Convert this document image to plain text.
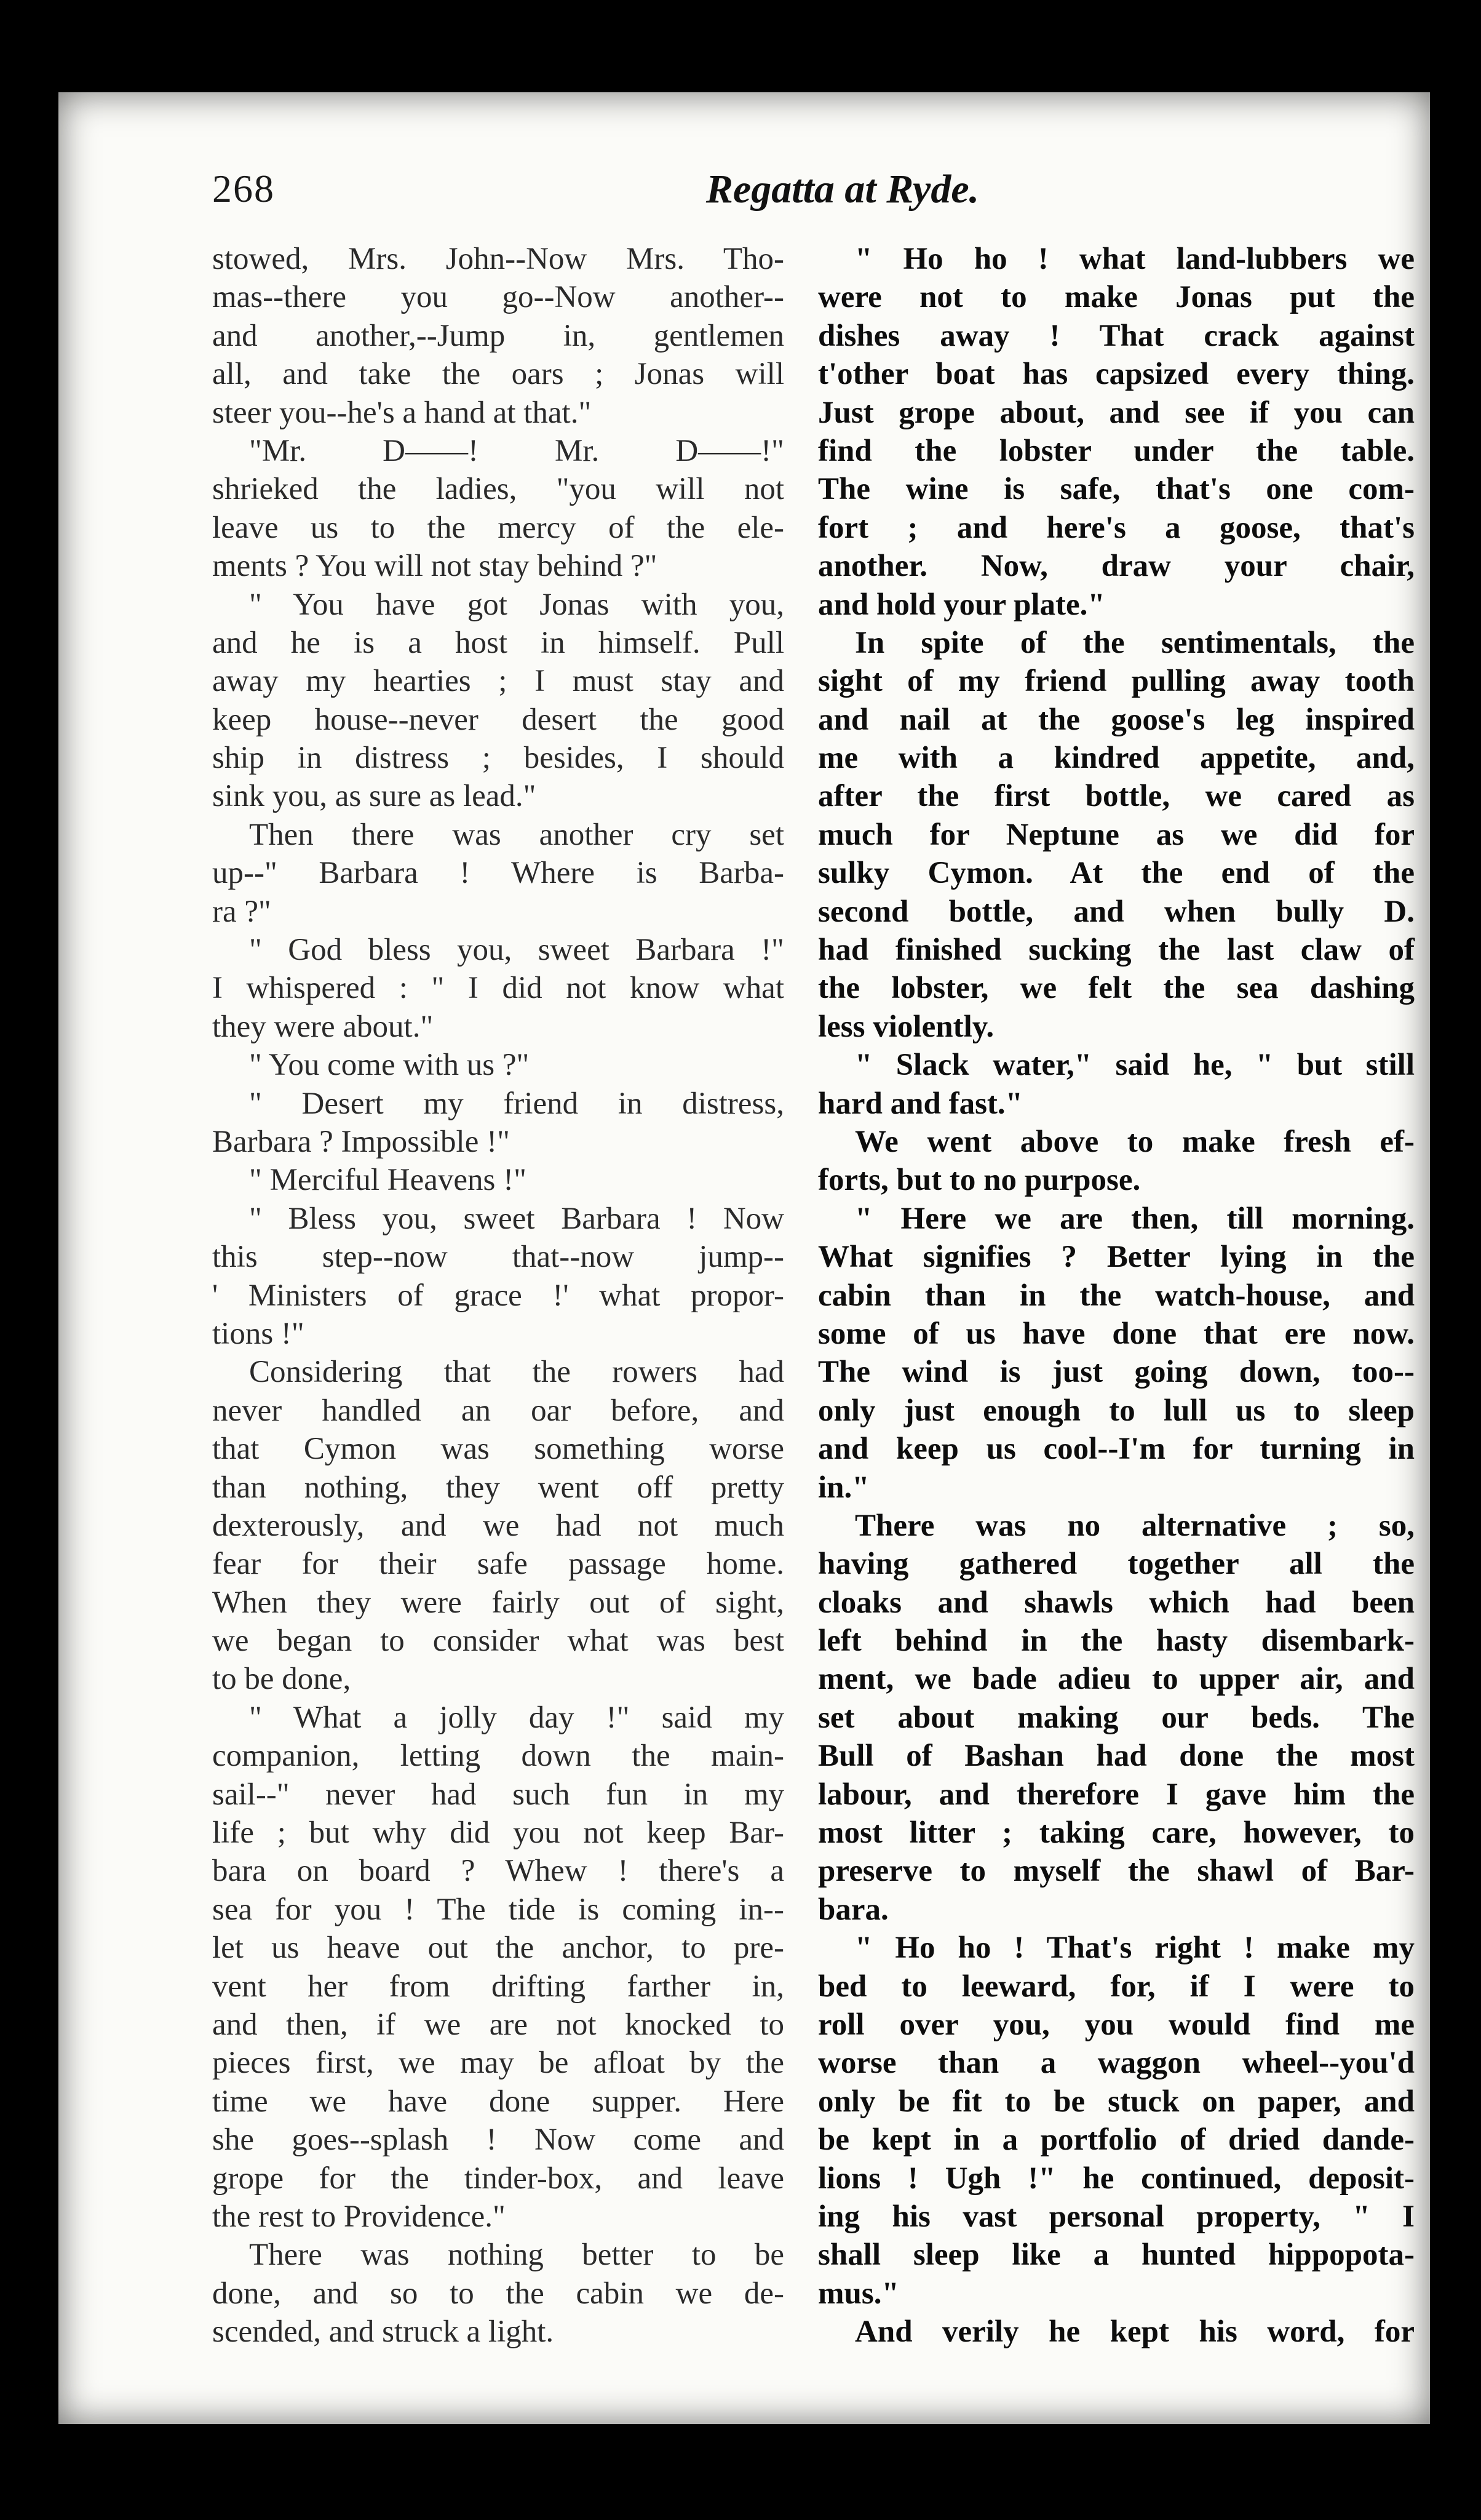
268	Regatta at Ryde.
stowed, Mrs. John--Now Mrs. Tho-
mas--there you go--Now another--
and another,--Jump in, gentlemen
all, and take the oars ; Jonas will
steer you--he's a hand at that."
"Mr. D——! Mr. D——!"
shrieked the ladies, "you will not
leave us to the mercy of the ele-
ments ? You will not stay behind ?"
" You have got Jonas with you,
and he is a host in himself. Pull
away my hearties ; I must stay and
keep house--never desert the good
ship in distress ; besides, I should
sink you, as sure as lead."
Then there was another cry set
up--" Barbara ! Where is Barba-
ra ?"
" God bless you, sweet Barbara !"
I whispered : " I did not know what
they were about."
" You come with us ?"
" Desert my friend in distress,
Barbara ? Impossible !"
" Merciful Heavens !"
" Bless you, sweet Barbara ! Now
this step--now that--now jump--
' Ministers of grace !' what propor-
tions !"
Considering that the rowers had
never handled an oar before, and
that Cymon was something worse
than nothing, they went off pretty
dexterously, and we had not much
fear for their safe passage home.
When they were fairly out of sight,
we began to consider what was best
to be done,
" What a jolly day !" said my
companion, letting down the main-
sail--" never had such fun in my
life ; but why did you not keep Bar-
bara on board ? Whew ! there's a
sea for you ! The tide is coming in--
let us heave out the anchor, to pre-
vent her from drifting farther in,
and then, if we are not knocked to
pieces first, we may be afloat by the
time we have done supper. Here
she goes--splash ! Now come and
grope for the tinder-box, and leave
the rest to Providence."
There was nothing better to be
done, and so to the cabin we de-
scended, and struck a light.
" Ho ho ! what land-lubbers we
were not to make Jonas put the
dishes away ! That crack against
t'other boat has capsized every thing.
Just grope about, and see if you can
find the lobster under the table.
The wine is safe, that's one com-
fort ; and here's a goose, that's
another. Now, draw your chair,
and hold your plate."
In spite of the sentimentals, the
sight of my friend pulling away tooth
and nail at the goose's leg inspired
me with a kindred appetite, and,
after the first bottle, we cared as
much for Neptune as we did for
sulky Cymon. At the end of the
second bottle, and when bully D.
had finished sucking the last claw of
the lobster, we felt the sea dashing
less violently.
" Slack water," said he, " but still
hard and fast."
We went above to make fresh ef-
forts, but to no purpose.
" Here we are then, till morning.
What signifies ? Better lying in the
cabin than in the watch-house, and
some of us have done that ere now.
The wind is just going down, too--
only just enough to lull us to sleep
and keep us cool--I'm for turning in
in."
There was no alternative ; so,
having gathered together all the
cloaks and shawls which had been
left behind in the hasty disembark-
ment, we bade adieu to upper air, and
set about making our beds. The
Bull of Bashan had done the most
labour, and therefore I gave him the
most litter ; taking care, however, to
preserve to myself the shawl of Bar-
bara.
" Ho ho ! That's right ! make my
bed to leeward, for, if I were to
roll over you, you would find me
worse than a waggon wheel--you'd
only be fit to be stuck on paper, and
be kept in a portfolio of dried dande-
lions ! Ugh !" he continued, deposit-
ing his vast personal property, " I
shall sleep like a hunted hippopota-
mus."
And verily he kept his word, for
